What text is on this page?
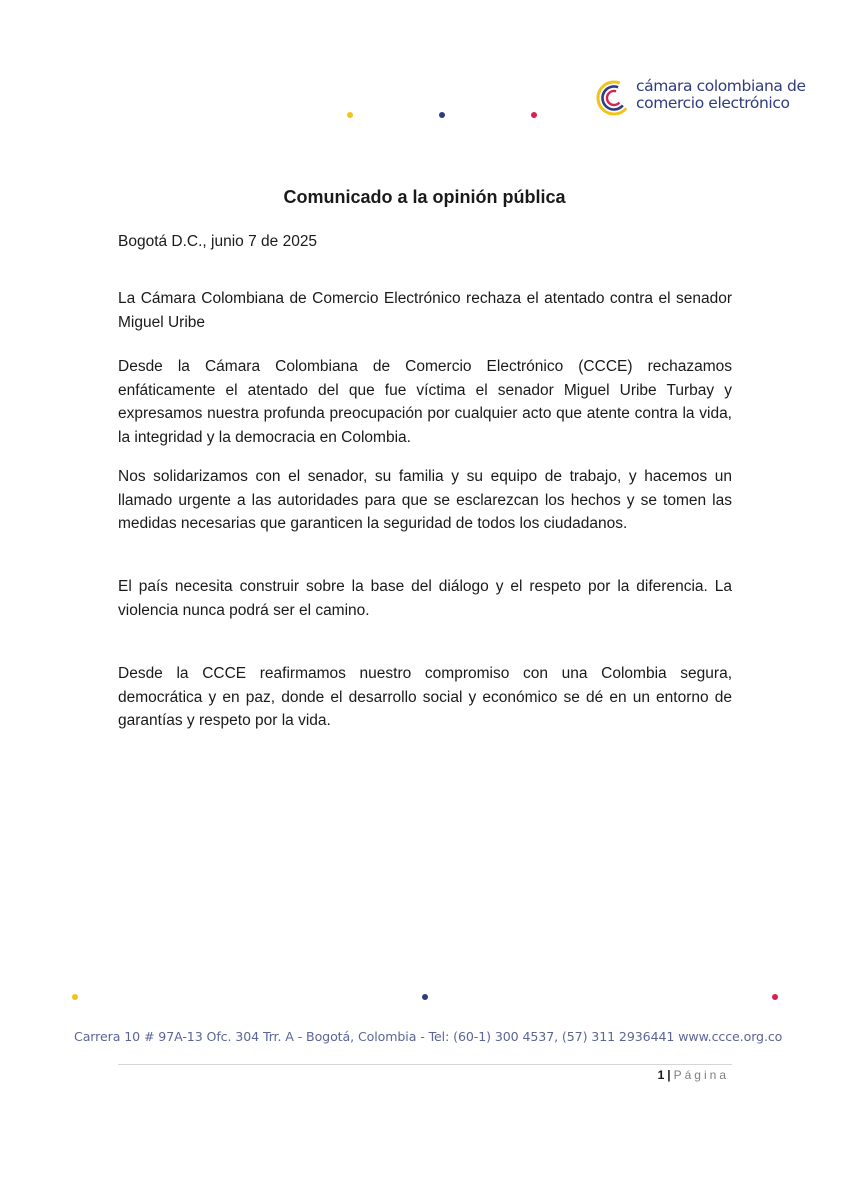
cámara colombiana de
comercio electrónico
Comunicado a la opinión pública

Bogotá D.C., junio 7 de 2025

La Cámara Colombiana de Comercio Electrónico rechaza el atentado contra el senador Miguel Uribe

Desde la Cámara Colombiana de Comercio Electrónico (CCCE) rechazamos enfáticamente el atentado del que fue víctima el senador Miguel Uribe Turbay y expresamos nuestra profunda preocupación por cualquier acto que atente contra la vida, la integridad y la democracia en Colombia.

Nos solidarizamos con el senador, su familia y su equipo de trabajo, y hacemos un llamado urgente a las autoridades para que se esclarezcan los hechos y se tomen las medidas necesarias que garanticen la seguridad de todos los ciudadanos.

El país necesita construir sobre la base del diálogo y el respeto por la diferencia. La violencia nunca podrá ser el camino.

Desde la CCCE reafirmamos nuestro compromiso con una Colombia segura, democrática y en paz, donde el desarrollo social y económico se dé en un entorno de garantías y respeto por la vida.

Carrera 10 # 97A-13 Ofc. 304 Trr. A - Bogotá, Colombia - Tel: (60-1) 300 4537, (57) 311 2936441 www.ccce.org.co

1 | Página
